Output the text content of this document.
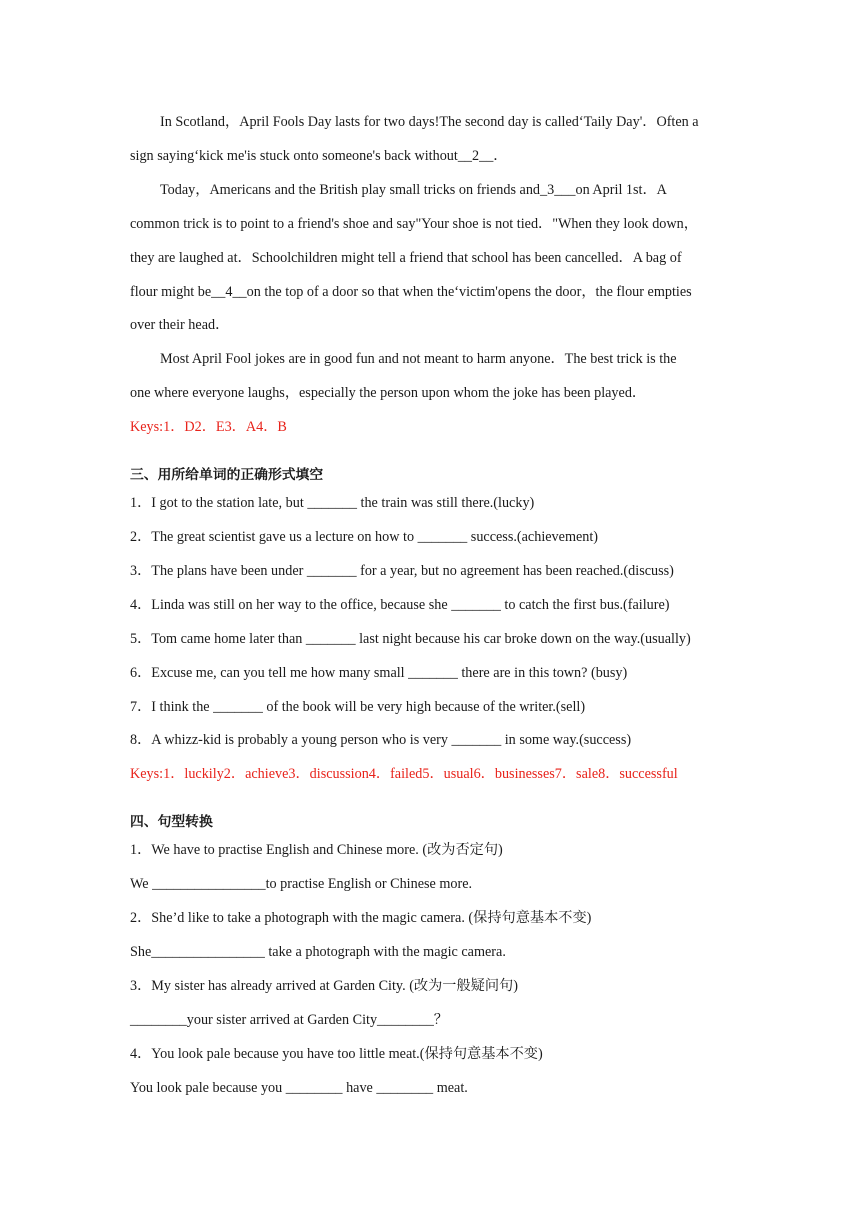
In Scotland，April Fools Day lasts for two days!The second day is called‘Taily Day'．Often a

sign saying‘kick me'is stuck onto someone's back without__2__．

Today，Americans and the British play small tricks on friends and_3___on April 1st．A

common trick is to point to a friend's shoe and say"Your shoe is not tied．"When they look down，

they are laughed at．Schoolchildren might tell a friend that school has been cancelled．A bag of

flour might be__4__on the top of a door so that when the‘victim'opens the door，the flour empties

over their head．

Most April Fool jokes are in good fun and not meant to harm anyone．The best trick is the

one where everyone laughs，especially the person upon whom the joke has been played．

Keys:1．D2．E3．A4．B

三、用所给单词的正确形式填空

1．I got to the station late, but _______ the train was still there.(lucky)

2．The great scientist gave us a lecture on how to _______ success.(achievement)

3．The plans have been under _______ for a year, but no agreement has been reached.(discuss)

4．Linda was still on her way to the office, because she _______ to catch the first bus.(failure)

5．Tom came home later than _______ last night because his car broke down on the way.(usually)

6．Excuse me, can you tell me how many small _______ there are in this town? (busy)

7．I think the _______ of the book will be very high because of the writer.(sell)

8．A whizz-kid is probably a young person who is very _______ in some way.(success)

Keys:1．luckily2．achieve3．discussion4．failed5．usual6．businesses7．sale8．successful

四、句型转换

1．We have to practise English and Chinese more. (改为否定句)

We ________________to practise English or Chinese more.

2．She’d like to take a photograph with the magic camera. (保持句意基本不变)

She________________ take a photograph with the magic camera.

3．My sister has already arrived at Garden City. (改为一般疑问句)

________your sister arrived at Garden City________？

4．You look pale because you have too little meat.(保持句意基本不变)

You look pale because you ________ have ________ meat.
